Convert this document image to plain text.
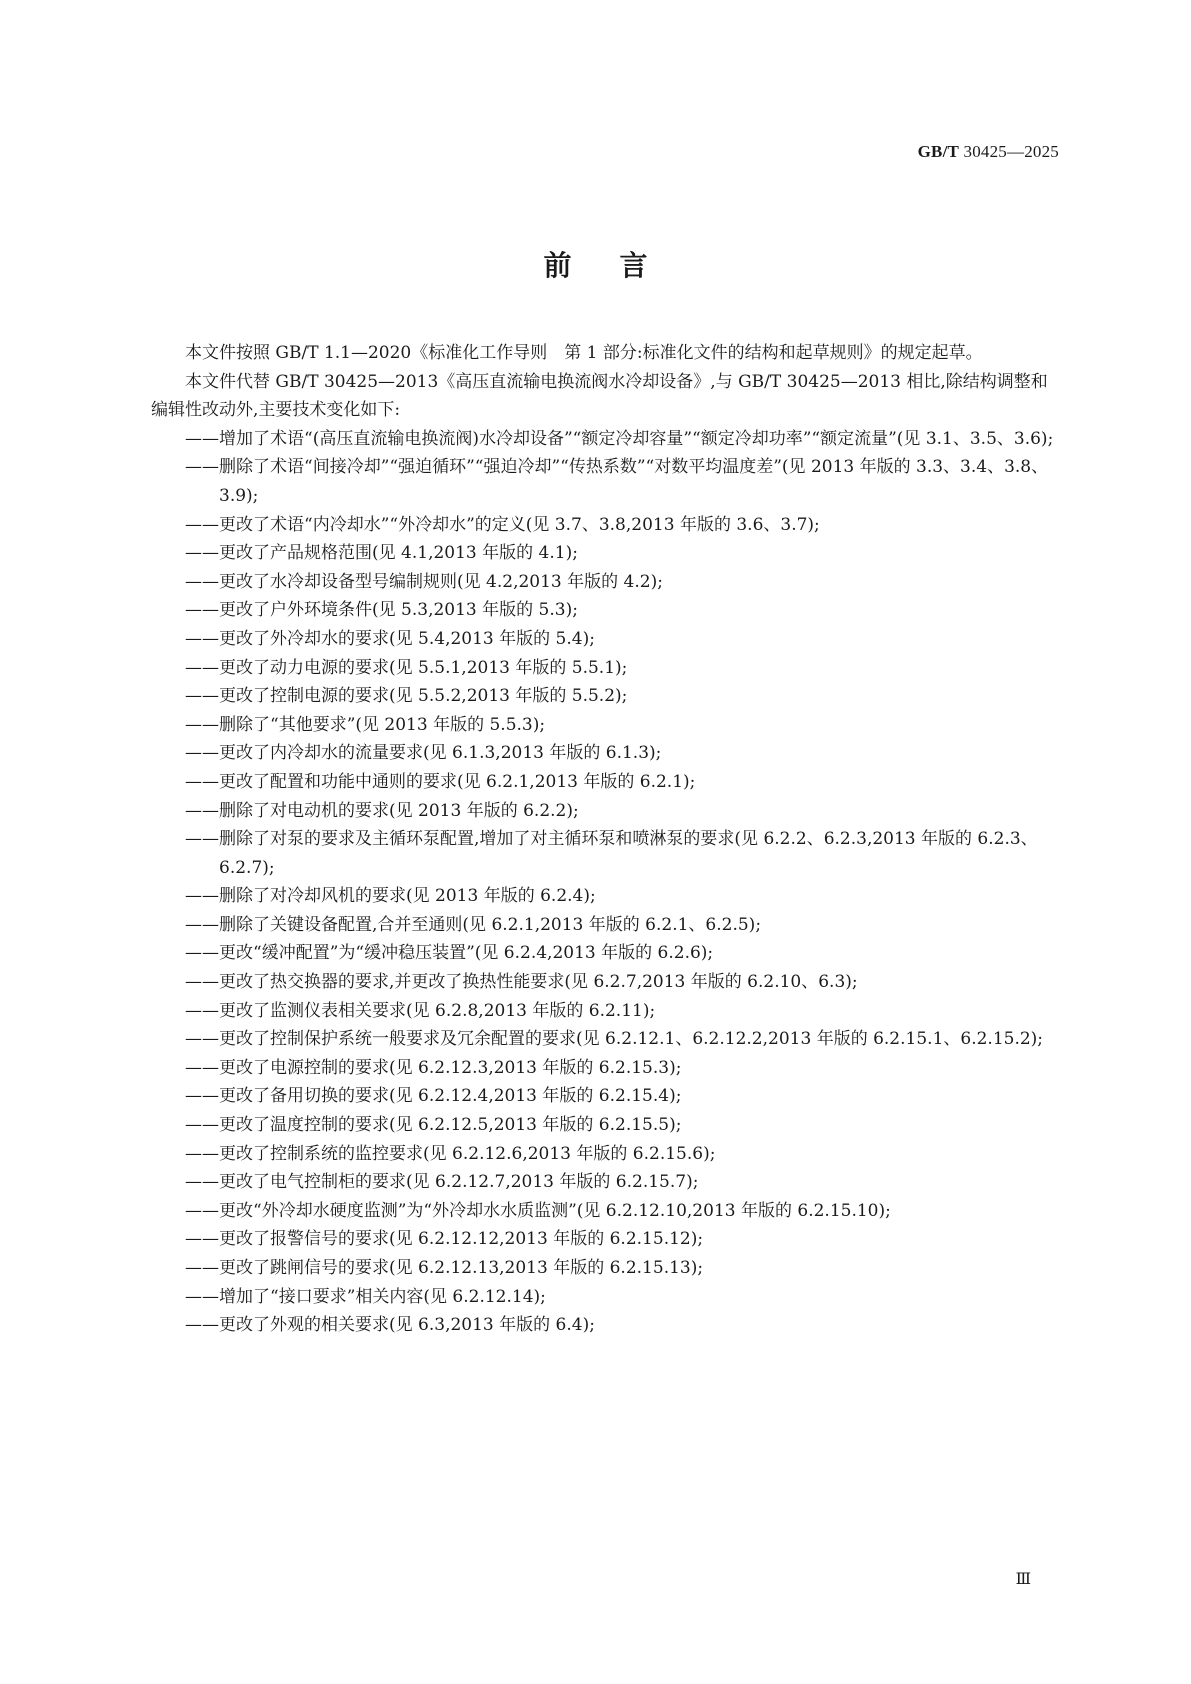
GB/T 30425—2025
前言

本文件按照 GB/T 1.1—2020《标准化工作导则　第 1 部分:标准化文件的结构和起草规则》的规定起草。

本文件代替 GB/T 30425—2013《高压直流输电换流阀水冷却设备》,与 GB/T 30425—2013 相比,除结构调整和编辑性改动外,主要技术变化如下:

——增加了术语“(高压直流输电换流阀)水冷却设备”“额定冷却容量”“额定冷却功率”“额定流量”(见 3.1、3.5、3.6);

——删除了术语“间接冷却”“强迫循环”“强迫冷却”“传热系数”“对数平均温度差”(见 2013 年版的 3.3、3.4、3.8、3.9);

——更改了术语“内冷却水”“外冷却水”的定义(见 3.7、3.8,2013 年版的 3.6、3.7);

——更改了产品规格范围(见 4.1,2013 年版的 4.1);

——更改了水冷却设备型号编制规则(见 4.2,2013 年版的 4.2);

——更改了户外环境条件(见 5.3,2013 年版的 5.3);

——更改了外冷却水的要求(见 5.4,2013 年版的 5.4);

——更改了动力电源的要求(见 5.5.1,2013 年版的 5.5.1);

——更改了控制电源的要求(见 5.5.2,2013 年版的 5.5.2);

——删除了“其他要求”(见 2013 年版的 5.5.3);

——更改了内冷却水的流量要求(见 6.1.3,2013 年版的 6.1.3);

——更改了配置和功能中通则的要求(见 6.2.1,2013 年版的 6.2.1);

——删除了对电动机的要求(见 2013 年版的 6.2.2);

——删除了对泵的要求及主循环泵配置,增加了对主循环泵和喷淋泵的要求(见 6.2.2、6.2.3,2013 年版的 6.2.3、6.2.7);

——删除了对冷却风机的要求(见 2013 年版的 6.2.4);

——删除了关键设备配置,合并至通则(见 6.2.1,2013 年版的 6.2.1、6.2.5);

——更改“缓冲配置”为“缓冲稳压装置”(见 6.2.4,2013 年版的 6.2.6);

——更改了热交换器的要求,并更改了换热性能要求(见 6.2.7,2013 年版的 6.2.10、6.3);

——更改了监测仪表相关要求(见 6.2.8,2013 年版的 6.2.11);

——更改了控制保护系统一般要求及冗余配置的要求(见 6.2.12.1、6.2.12.2,2013 年版的 6.2.15.1、6.2.15.2);

——更改了电源控制的要求(见 6.2.12.3,2013 年版的 6.2.15.3);

——更改了备用切换的要求(见 6.2.12.4,2013 年版的 6.2.15.4);

——更改了温度控制的要求(见 6.2.12.5,2013 年版的 6.2.15.5);

——更改了控制系统的监控要求(见 6.2.12.6,2013 年版的 6.2.15.6);

——更改了电气控制柜的要求(见 6.2.12.7,2013 年版的 6.2.15.7);

——更改“外冷却水硬度监测”为“外冷却水水质监测”(见 6.2.12.10,2013 年版的 6.2.15.10);

——更改了报警信号的要求(见 6.2.12.12,2013 年版的 6.2.15.12);

——更改了跳闸信号的要求(见 6.2.12.13,2013 年版的 6.2.15.13);

——增加了“接口要求”相关内容(见 6.2.12.14);

——更改了外观的相关要求(见 6.3,2013 年版的 6.4);

Ⅲ
